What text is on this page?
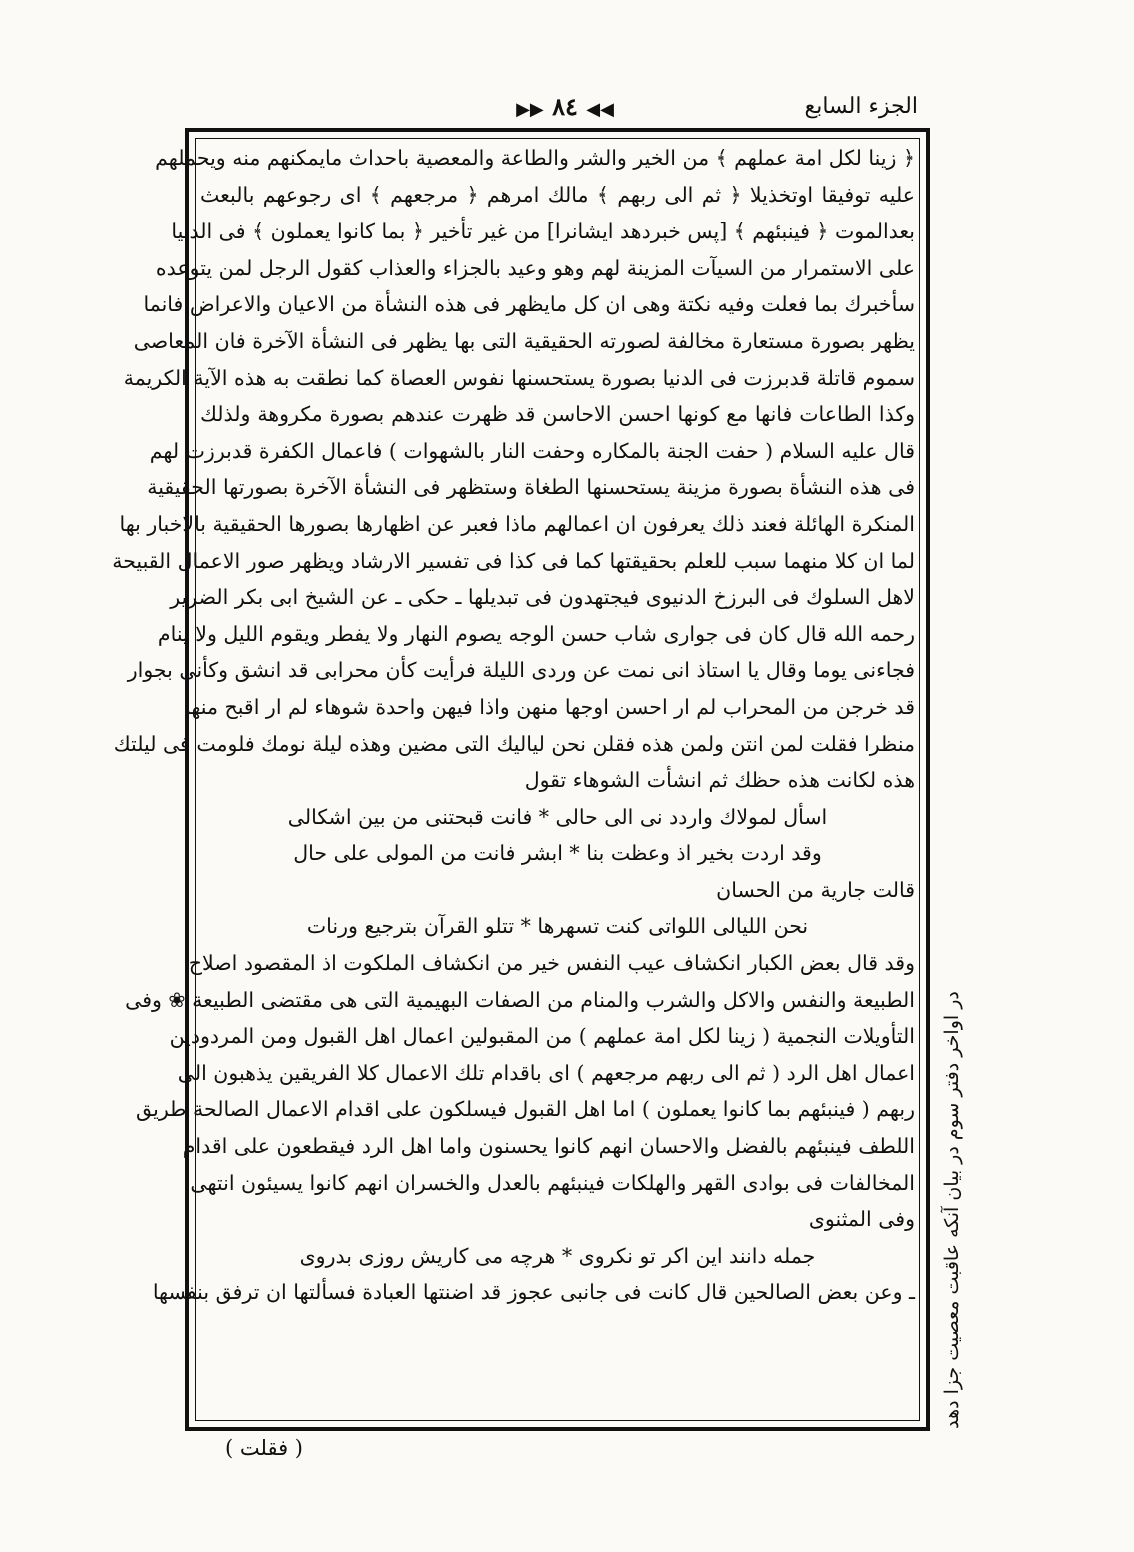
الجزء السابع
◀◀ ٨٤ ▶▶
﴿ زينا لكل امة عملهم ﴾ من الخير والشر والطاعة والمعصية باحداث مايمكنهم منه ويحملهم
عليه توفيقا اوتخذيلا ﴿ ثم الى ربهم ﴾ مالك امرهم ﴿ مرجعهم ﴾ اى رجوعهم بالبعث
بعدالموت ﴿ فينبئهم ﴾ [پس خبردهد ايشانرا] من غير تأخير ﴿ بما كانوا يعملون ﴾ فى الدنيا
على الاستمرار من السيآت المزينة لهم وهو وعيد بالجزاء والعذاب كقول الرجل لمن يتوعده
سأخبرك بما فعلت وفيه نكتة وهى ان كل مايظهر فى هذه النشأة من الاعيان والاعراض فانما
يظهر بصورة مستعارة مخالفة لصورته الحقيقية التى بها يظهر فى النشأة الآخرة فان المعاصى
سموم قاتلة قدبرزت فى الدنيا بصورة يستحسنها نفوس العصاة كما نطقت به هذه الآية الكريمة
وكذا الطاعات فانها مع كونها احسن الاحاسن قد ظهرت عندهم بصورة مكروهة ولذلك
قال عليه السلام ( حفت الجنة بالمكاره وحفت النار بالشهوات ) فاعمال الكفرة قدبرزت لهم
فى هذه النشأة بصورة مزينة يستحسنها الطغاة وستظهر فى النشأة الآخرة بصورتها الحقيقية
المنكرة الهائلة فعند ذلك يعرفون ان اعمالهم ماذا فعبر عن اظهارها بصورها الحقيقية بالاخبار بها
لما ان كلا منهما سبب للعلم بحقيقتها كما فى كذا فى تفسير الارشاد ويظهر صور الاعمال القبيحة
لاهل السلوك فى البرزخ الدنيوى فيجتهدون فى تبديلها ـ حكى ـ عن الشيخ ابى بكر الضرير
رحمه الله قال كان فى جوارى شاب حسن الوجه يصوم النهار ولا يفطر ويقوم الليل ولا ينام
فجاءنى يوما وقال يا استاذ انى نمت عن وردى الليلة فرأيت كأن محرابى قد انشق وكأنى بجوار
قد خرجن من المحراب لم ار احسن اوجها منهن واذا فيهن واحدة شوهاء لم ار اقبح منها
منظرا فقلت لمن انتن ولمن هذه فقلن نحن لياليك التى مضين وهذه ليلة نومك فلومت فى ليلتك
هذه لكانت هذه حظك ثم انشأت الشوهاء تقول
اسأل لمولاك واردد نى الى حالى * فانت قبحتنى من بين اشكالى
وقد اردت بخير اذ وعظت بنا * ابشر فانت من المولى على حال
قالت جارية من الحسان
نحن الليالى اللواتى كنت تسهرها * تتلو القرآن بترجيع ورنات
وقد قال بعض الكبار انكشاف عيب النفس خير من انكشاف الملكوت اذ المقصود اصلاح
الطبيعة والنفس والاكل والشرب والمنام من الصفات البهيمية التى هى مقتضى الطبيعة ❀ وفى
التأويلات النجمية ( زينا لكل امة عملهم ) من المقبولين اعمال اهل القبول ومن المردودين
اعمال اهل الرد ( ثم الى ربهم مرجعهم ) اى باقدام تلك الاعمال كلا الفريقين يذهبون الى
ربهم ( فينبئهم بما كانوا يعملون ) اما اهل القبول فيسلكون على اقدام الاعمال الصالحة طريق
اللطف فينبئهم بالفضل والاحسان انهم كانوا يحسنون واما اهل الرد فيقطعون على اقدام
المخالفات فى بوادى القهر والهلكات فينبئهم بالعدل والخسران انهم كانوا يسيئون انتهى
وفى المثنوى
جمله دانند اين اكر تو نكروى * هرچه مى كاريش روزى بدروى
ـ وعن بعض الصالحين قال كانت فى جانبى عجوز قد اضنتها العبادة فسألتها ان ترفق بنفسها در اواخر دفتر سوم در بيان آنكه عاقبت معصيت جزا دهد
( فقلت )
